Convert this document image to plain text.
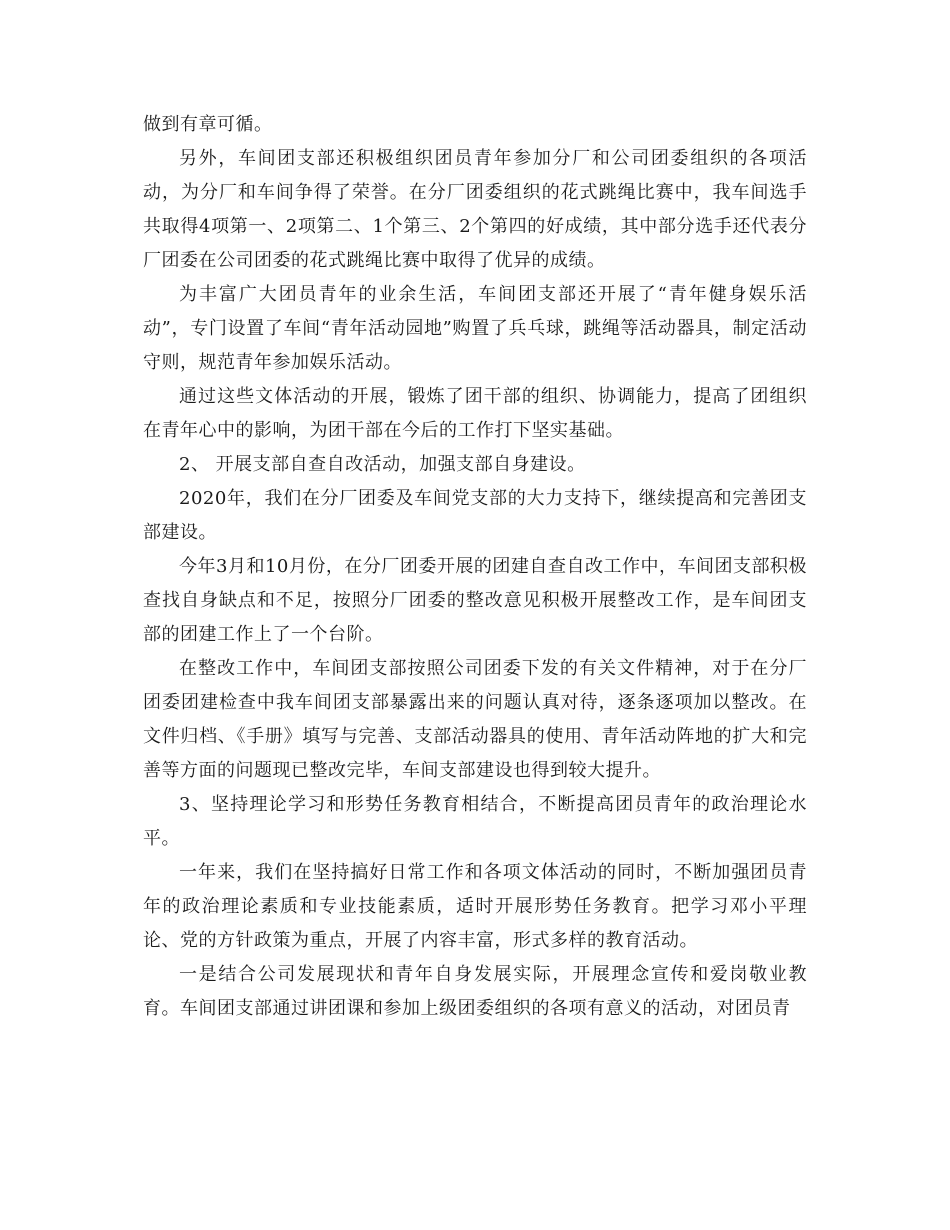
做到有章可循。

另外，车间团支部还积极组织团员青年参加分厂和公司团委组织的各项活动，为分厂和车间争得了荣誉。在分厂团委组织的花式跳绳比赛中，我车间选手共取得4项第一、2项第二、1个第三、2个第四的好成绩，其中部分选手还代表分厂团委在公司团委的花式跳绳比赛中取得了优异的成绩。

为丰富广大团员青年的业余生活，车间团支部还开展了“青年健身娱乐活动”，专门设置了车间“青年活动园地”购置了兵乓球，跳绳等活动器具，制定活动守则，规范青年参加娱乐活动。

通过这些文体活动的开展，锻炼了团干部的组织、协调能力，提高了团组织在青年心中的影响，为团干部在今后的工作打下坚实基础。

2、 开展支部自查自改活动，加强支部自身建设。

2020年，我们在分厂团委及车间党支部的大力支持下，继续提高和完善团支部建设。

今年3月和10月份，在分厂团委开展的团建自查自改工作中，车间团支部积极查找自身缺点和不足，按照分厂团委的整改意见积极开展整改工作，是车间团支部的团建工作上了一个台阶。

在整改工作中，车间团支部按照公司团委下发的有关文件精神，对于在分厂团委团建检查中我车间团支部暴露出来的问题认真对待，逐条逐项加以整改。在文件归档、《手册》填写与完善、支部活动器具的使用、青年活动阵地的扩大和完善等方面的问题现已整改完毕，车间支部建设也得到较大提升。

3、坚持理论学习和形势任务教育相结合，不断提高团员青年的政治理论水平。

一年来，我们在坚持搞好日常工作和各项文体活动的同时，不断加强团员青年的政治理论素质和专业技能素质，适时开展形势任务教育。把学习邓小平理论、党的方针政策为重点，开展了内容丰富，形式多样的教育活动。

一是结合公司发展现状和青年自身发展实际，开展理念宣传和爱岗敬业教育。车间团支部通过讲团课和参加上级团委组织的各项有意义的活动，对团员青
